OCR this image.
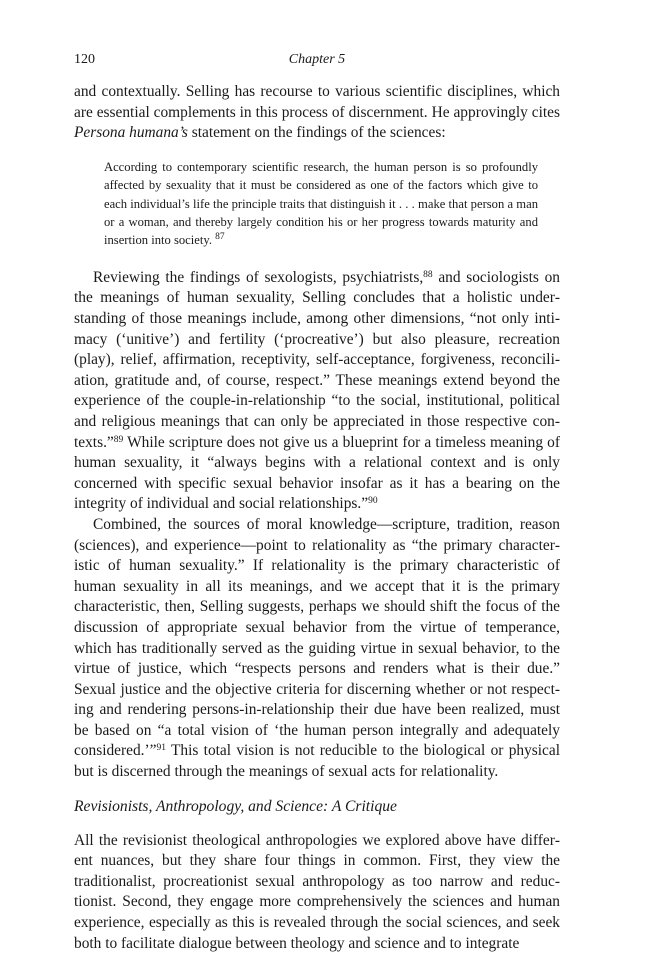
120	Chapter 5

and contextually. Selling has recourse to various scientific disciplines, which are essential complements in this process of discernment. He approvingly cites Persona humana’s statement on the findings of the sciences:

According to contemporary scientific research, the human person is so profoundly affected by sexuality that it must be considered as one of the factors which give to each individual’s life the principle traits that distinguish it . . . make that person a man or a woman, and thereby largely condition his or her progress towards maturity and insertion into society. $^{87}$

Reviewing the findings of sexologists, psychiatrists,$^{88}$ and sociologists on the meanings of human sexuality, Selling concludes that a holistic understanding of those meanings include, among other dimensions, “not only intimacy (‘unitive’) and fertility (‘procreative’) but also pleasure, recreation (play), relief, affirmation, receptivity, self-acceptance, forgiveness, reconciliation, gratitude and, of course, respect.” These meanings extend beyond the experience of the couple-in-relationship “to the social, institutional, political and religious meanings that can only be appreciated in those respective contexts.”$^{89}$ While scripture does not give us a blueprint for a timeless meaning of human sexuality, it “always begins with a relational context and is only concerned with specific sexual behavior insofar as it has a bearing on the integrity of individual and social relationships.”$^{90}$

Combined, the sources of moral knowledge—scripture, tradition, reason (sciences), and experience—point to relationality as “the primary characteristic of human sexuality.” If relationality is the primary characteristic of human sexuality in all its meanings, and we accept that it is the primary characteristic, then, Selling suggests, perhaps we should shift the focus of the discussion of appropriate sexual behavior from the virtue of temperance, which has traditionally served as the guiding virtue in sexual behavior, to the virtue of justice, which “respects persons and renders what is their due.” Sexual justice and the objective criteria for discerning whether or not respecting and rendering persons-in-relationship their due have been realized, must be based on “a total vision of ‘the human person integrally and adequately considered.’”$^{91}$ This total vision is not reducible to the biological or physical but is discerned through the meanings of sexual acts for relationality.

Revisionists, Anthropology, and Science: A Critique

All the revisionist theological anthropologies we explored above have different nuances, but they share four things in common. First, they view the traditionalist, procreationist sexual anthropology as too narrow and reductionist. Second, they engage more comprehensively the sciences and human experience, especially as this is revealed through the social sciences, and seek both to facilitate dialogue between theology and science and to integrate
